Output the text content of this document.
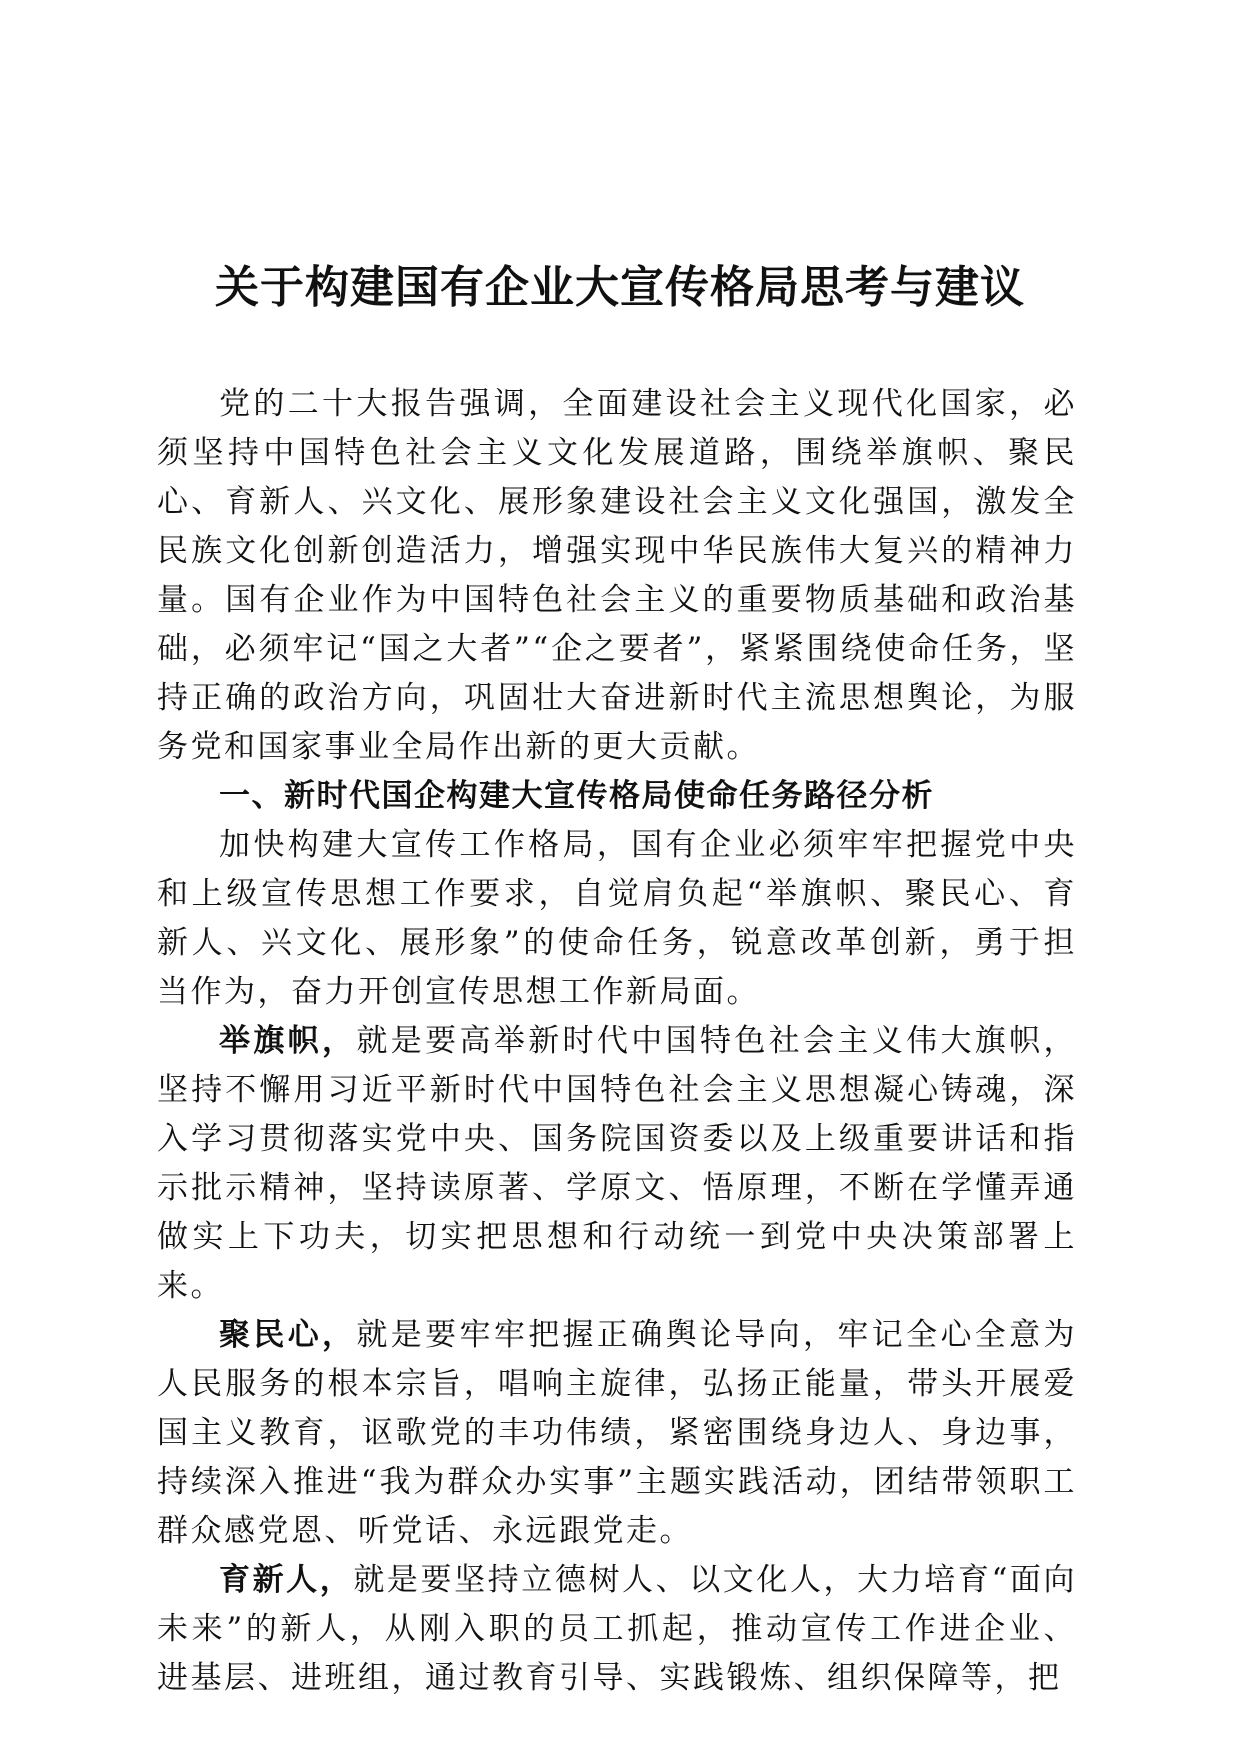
关于构建国有企业大宣传格局思考与建议

党的二十大报告强调，全面建设社会主义现代化国家，必须坚持中国特色社会主义文化发展道路，围绕举旗帜、聚民心、育新人、兴文化、展形象建设社会主义文化强国，激发全民族文化创新创造活力，增强实现中华民族伟大复兴的精神力量。国有企业作为中国特色社会主义的重要物质基础和政治基础，必须牢记“国之大者”“企之要者”，紧紧围绕使命任务，坚持正确的政治方向，巩固壮大奋进新时代主流思想舆论，为服务党和国家事业全局作出新的更大贡献。

一、新时代国企构建大宣传格局使命任务路径分析

加快构建大宣传工作格局，国有企业必须牢牢把握党中央和上级宣传思想工作要求，自觉肩负起“举旗帜、聚民心、育新人、兴文化、展形象”的使命任务，锐意改革创新，勇于担当作为，奋力开创宣传思想工作新局面。

举旗帜，就是要高举新时代中国特色社会主义伟大旗帜，坚持不懈用习近平新时代中国特色社会主义思想凝心铸魂，深入学习贯彻落实党中央、国务院国资委以及上级重要讲话和指示批示精神，坚持读原著、学原文、悟原理，不断在学懂弄通做实上下功夫，切实把思想和行动统一到党中央决策部署上来。

聚民心，就是要牢牢把握正确舆论导向，牢记全心全意为人民服务的根本宗旨，唱响主旋律，弘扬正能量，带头开展爱国主义教育，讴歌党的丰功伟绩，紧密围绕身边人、身边事，持续深入推进“我为群众办实事”主题实践活动，团结带领职工群众感党恩、听党话、永远跟党走。

育新人，就是要坚持立德树人、以文化人，大力培育“面向未来”的新人，从刚入职的员工抓起，推动宣传工作进企业、进基层、进班组，通过教育引导、实践锻炼、组织保障等，把
